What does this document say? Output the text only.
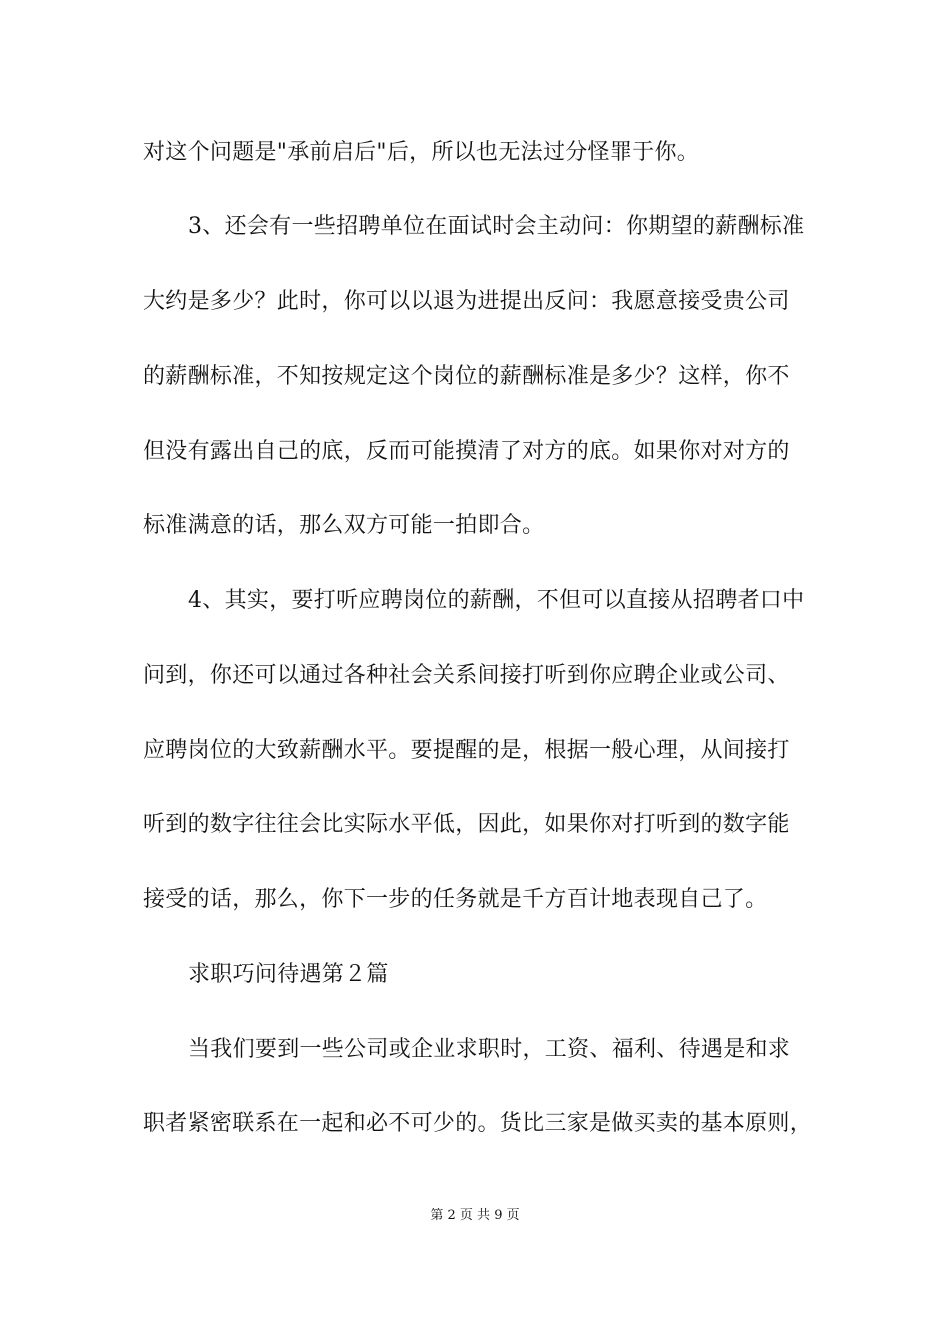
对这个问题是"承前启后"后，所以也无法过分怪罪于你。
3、还会有一些招聘单位在面试时会主动问：你期望的薪酬标准
大约是多少？此时，你可以以退为进提出反问：我愿意接受贵公司
的薪酬标准，不知按规定这个岗位的薪酬标准是多少？这样，你不
但没有露出自己的底，反而可能摸清了对方的底。如果你对对方的
标准满意的话，那么双方可能一拍即合。
4、其实，要打听应聘岗位的薪酬，不但可以直接从招聘者口中
问到，你还可以通过各种社会关系间接打听到你应聘企业或公司、
应聘岗位的大致薪酬水平。要提醒的是，根据一般心理，从间接打
听到的数字往往会比实际水平低，因此，如果你对打听到的数字能
接受的话，那么，你下一步的任务就是千方百计地表现自己了。
求职巧问待遇第２篇
当我们要到一些公司或企业求职时，工资、福利、待遇是和求
职者紧密联系在一起和必不可少的。货比三家是做买卖的基本原则，
第 2 页 共 9 页
